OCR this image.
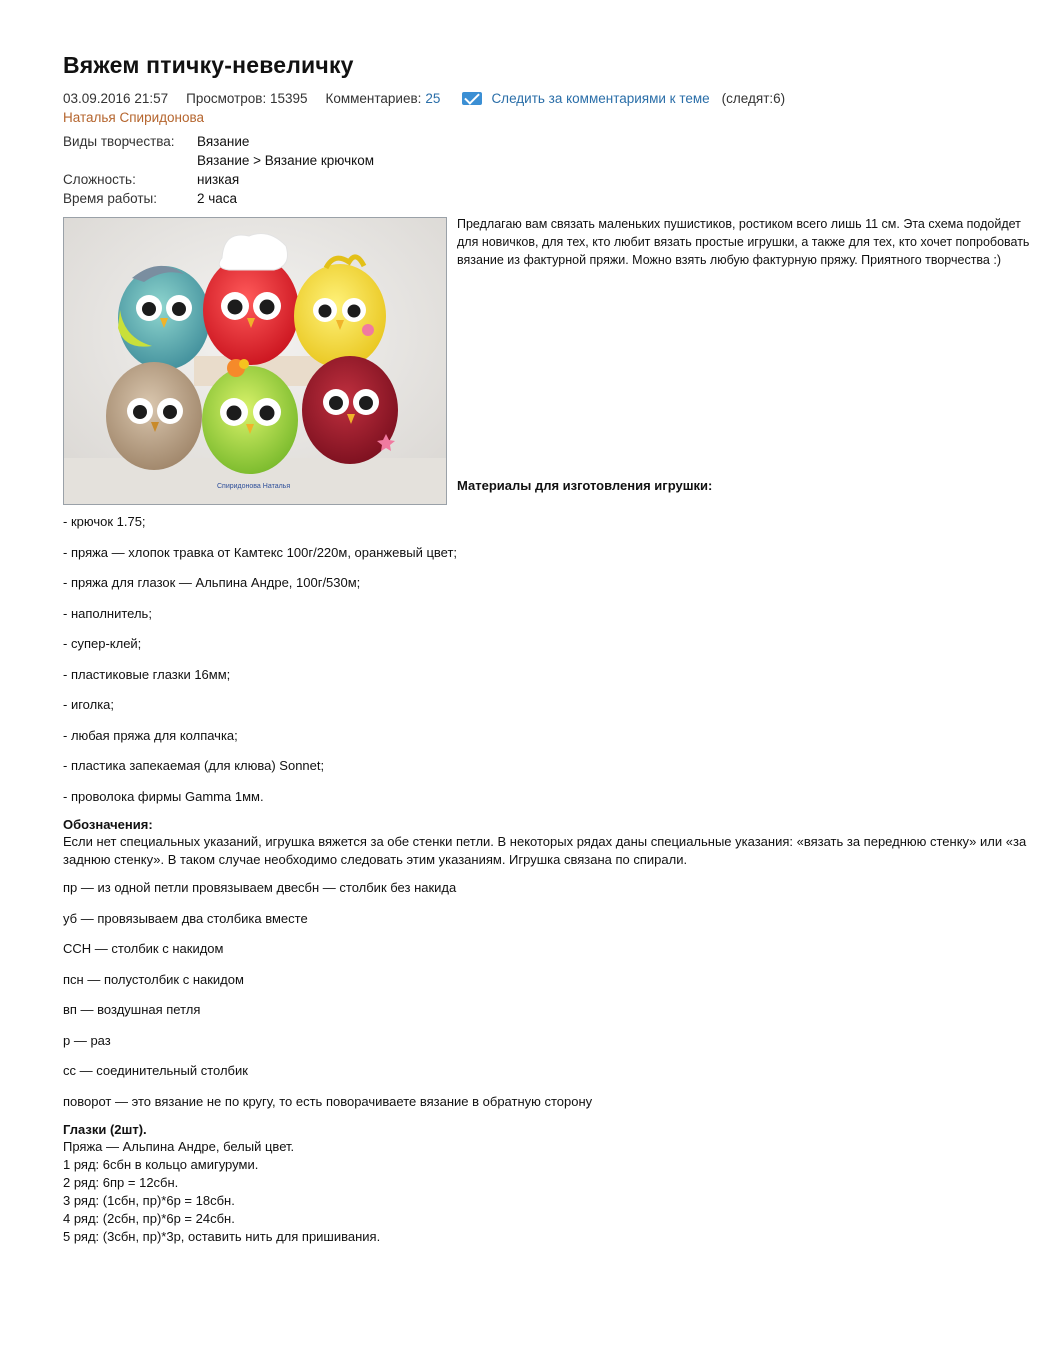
Вяжем птичку-невеличку
03.09.2016 21:57 Просмотров: 15395 Комментариев: 25	Следить за комментариями к теме (следят:6)
Наталья Спиридонова
Виды творчества:	Вязание
	Вязание > Вязание крючком
Сложность:	низкая
Время работы:	2 часа
Спиридонова Наталья

Предлагаю вам связать маленьких пушистиков, ростиком всего лишь 11 см. Эта схема подойдет для новичков, для тех, кто любит вязать простые игрушки, а также для тех, кто хочет попробовать вязание из фактурной пряжи. Можно взять любую фактурную пряжу. Приятного творчества :)

Материалы для изготовления игрушки:

- крючок 1.75;
- пряжа — хлопок травка от Камтекс 100г/220м, оранжевый цвет;
- пряжа для глазок — Альпина Андре, 100г/530м;
- наполнитель;
- супер-клей;
- пластиковые глазки 16мм;
- иголка;
- любая пряжа для колпачка;
- пластика запекаемая (для клюва) Sonnet;
- проволока фирмы Gamma 1мм.

Обозначения:

Если нет специальных указаний, игрушка вяжется за обе стенки петли. В некоторых рядах даны специальные указания: «вязать за переднюю стенку» или «за заднюю стенку». В таком случае необходимо следовать этим указаниям. Игрушка связана по спирали.

пр — из одной петли провязываем двесбн — столбик без накида
уб — провязываем два столбика вместе
ССН — столбик с накидом
псн — полустолбик с накидом
вп — воздушная петля
р — раз
сс — соединительный столбик
поворот — это вязание не по кругу, то есть поворачиваете вязание в обратную сторону

Глазки (2шт).

Пряжа — Альпина Андре, белый цвет.
1 ряд: 6сбн в кольцо амигуруми.
2 ряд: 6пр = 12сбн.
3 ряд: (1сбн, пр)*6р = 18сбн.
4 ряд: (2сбн, пр)*6р = 24сбн.
5 ряд: (3сбн, пр)*3р, оставить нить для пришивания.
